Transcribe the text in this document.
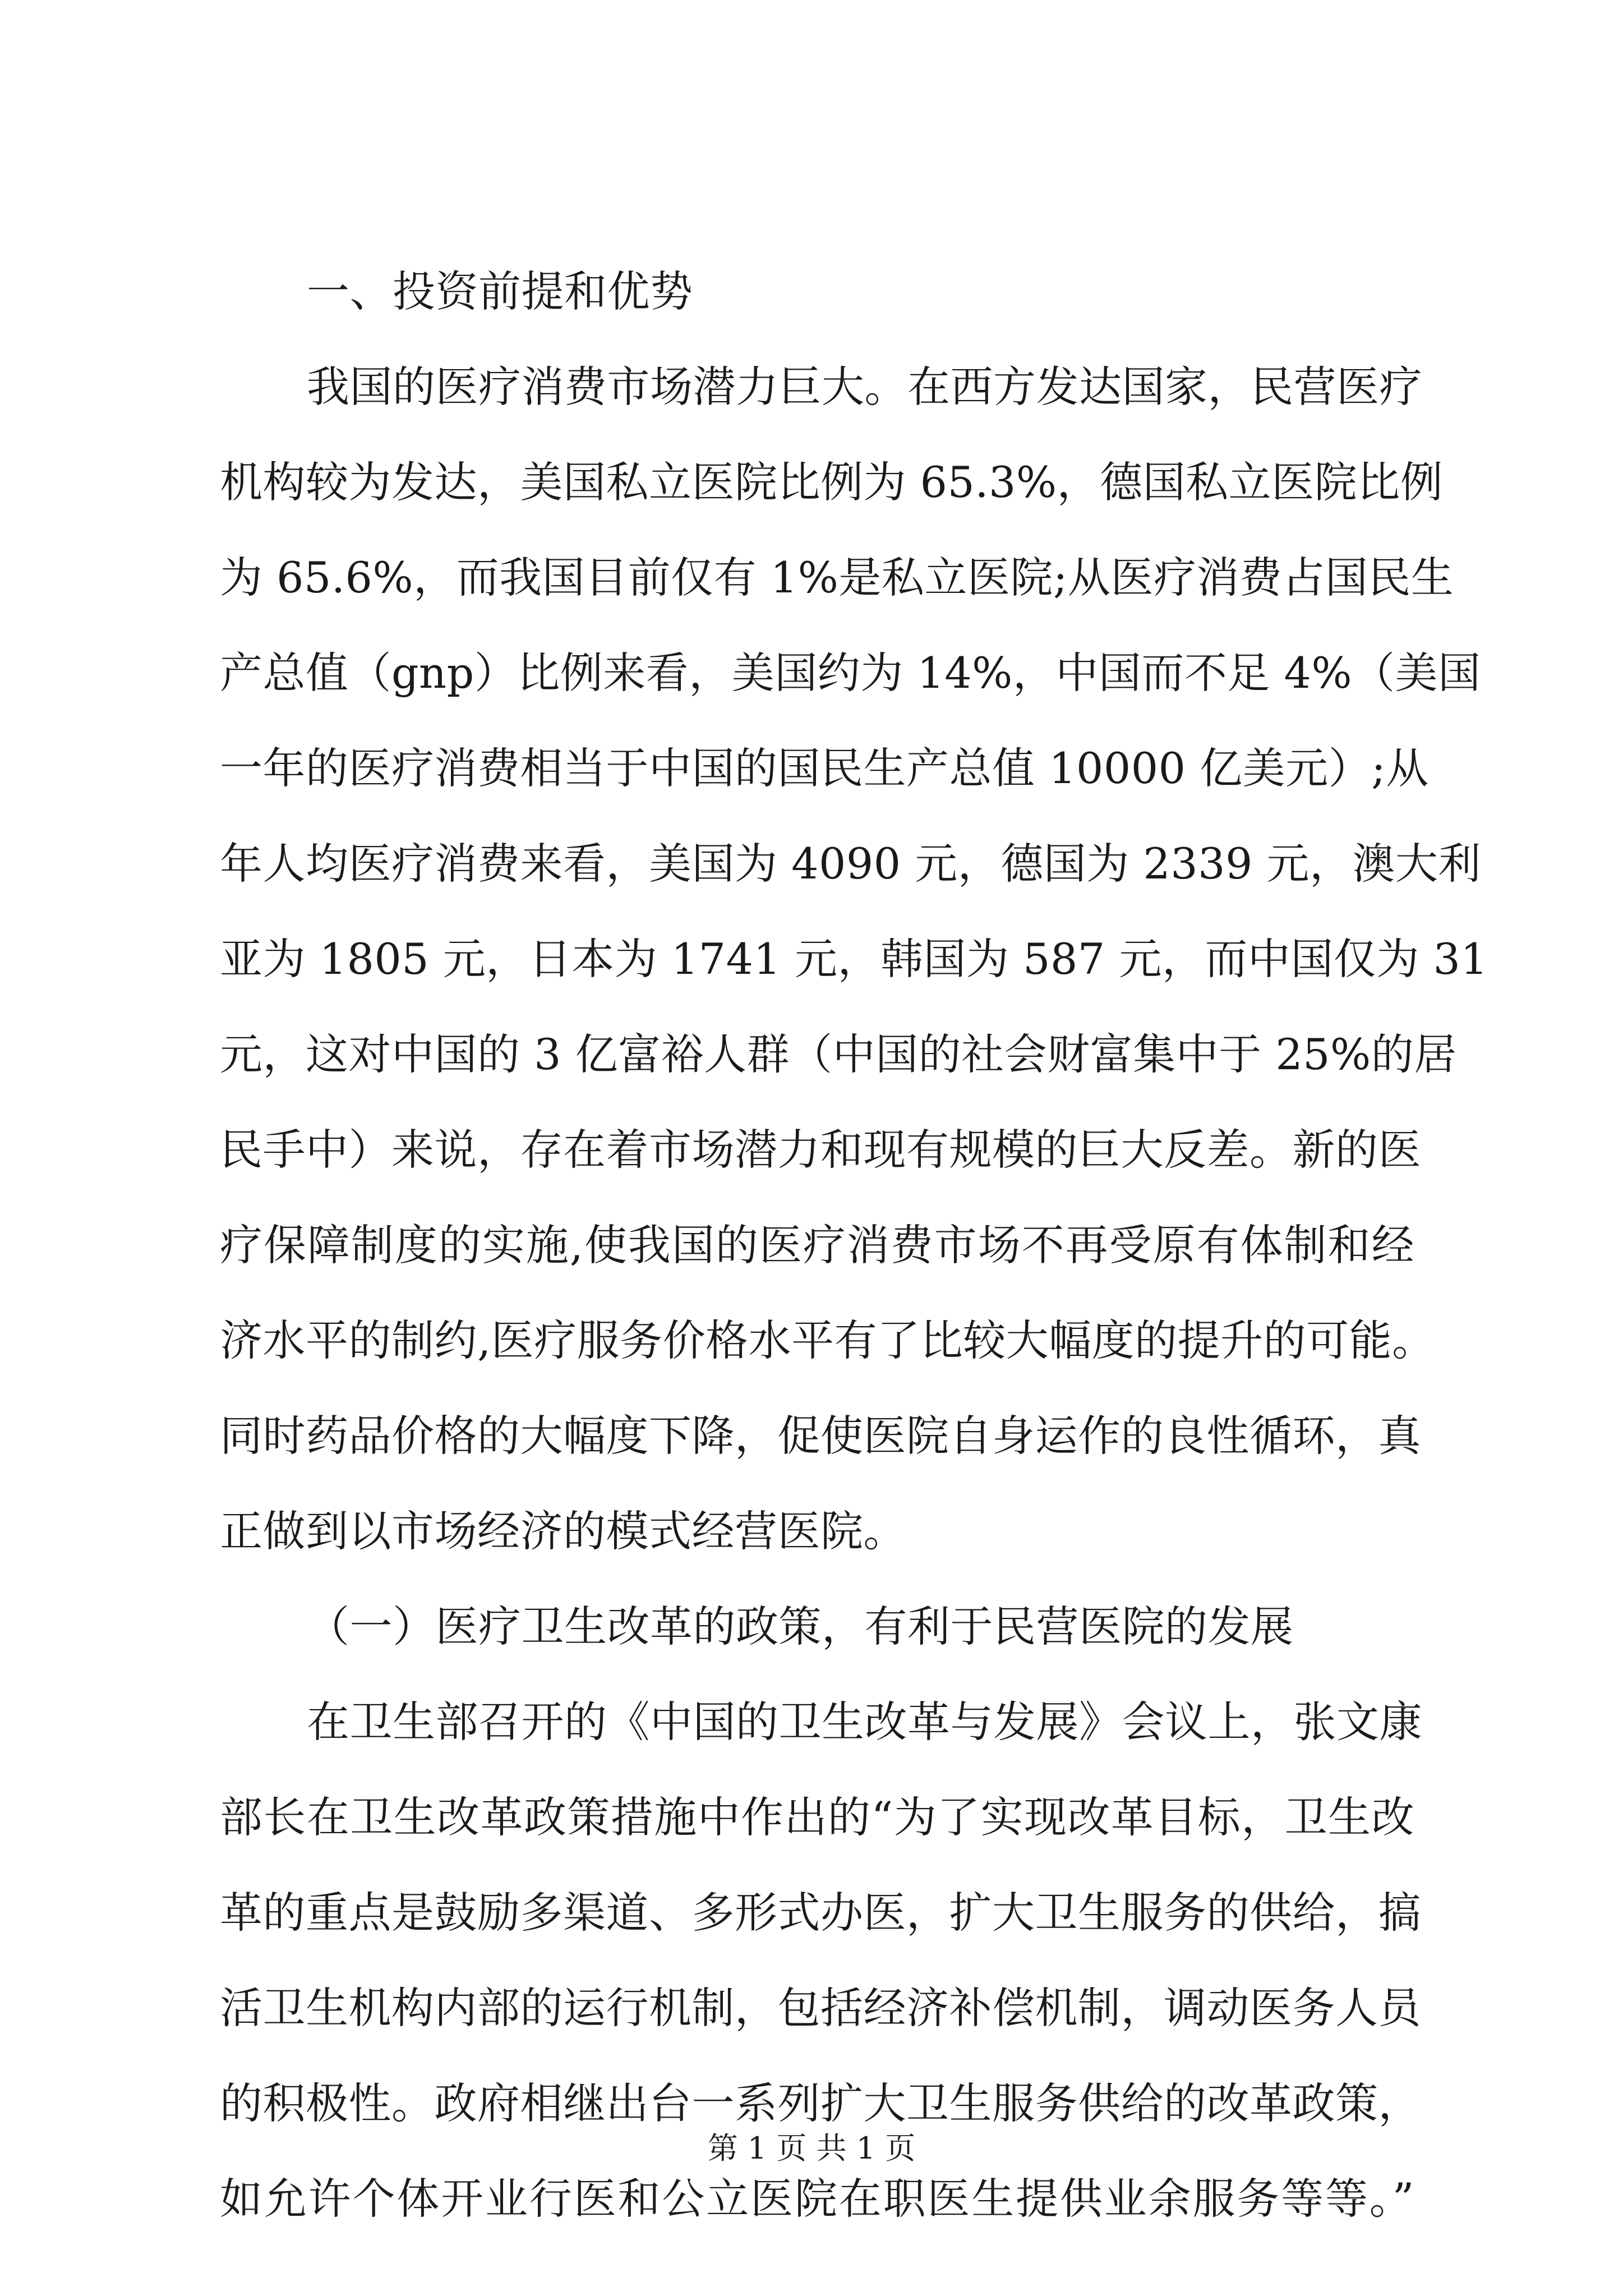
一、投资前提和优势
我国的医疗消费市场潜力巨大。在西方发达国家，民营医疗
机构较为发达，美国私立医院比例为 65.3%，德国私立医院比例
为 65.6%，而我国目前仅有 1%是私立医院;从医疗消费占国民生
产总值（gnp）比例来看，美国约为 14%，中国而不足 4%（美国
一年的医疗消费相当于中国的国民生产总值 10000 亿美元）;从
年人均医疗消费来看，美国为 4090 元，德国为 2339 元，澳大利
亚为 1805 元，日本为 1741 元，韩国为 587 元，而中国仅为 31
元，这对中国的 3 亿富裕人群（中国的社会财富集中于 25%的居
民手中）来说，存在着市场潜力和现有规模的巨大反差。新的医
疗保障制度的实施,使我国的医疗消费市场不再受原有体制和经
济水平的制约,医疗服务价格水平有了比较大幅度的提升的可能。
同时药品价格的大幅度下降，促使医院自身运作的良性循环，真
正做到以市场经济的模式经营医院。
（一）医疗卫生改革的政策，有利于民营医院的发展
在卫生部召开的《中国的卫生改革与发展》会议上，张文康
部长在卫生改革政策措施中作出的“为了实现改革目标，卫生改
革的重点是鼓励多渠道、多形式办医，扩大卫生服务的供给，搞
活卫生机构内部的运行机制，包括经济补偿机制，调动医务人员
的积极性。政府相继出台一系列扩大卫生服务供给的改革政策，
如允许个体开业行医和公立医院在职医生提供业余服务等等。”
第 1 页 共 1 页
